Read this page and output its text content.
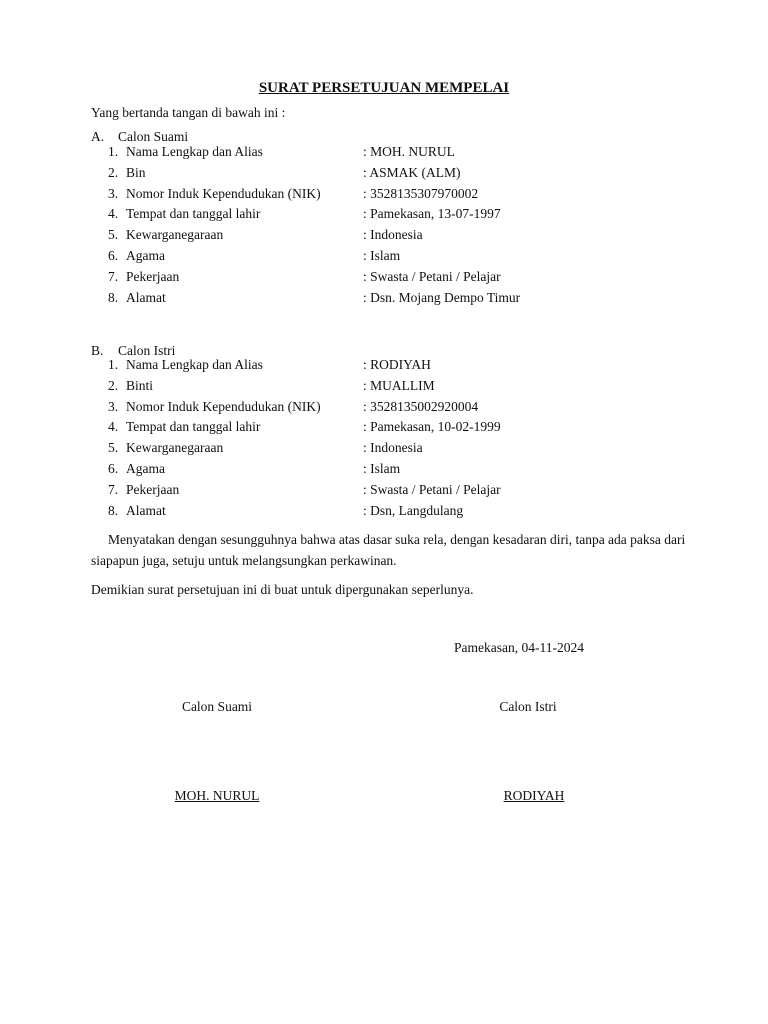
SURAT PERSETUJUAN MEMPELAI
Yang bertanda tangan di bawah ini :
A. Calon Suami
1. Nama Lengkap dan Alias	: MOH. NURUL
2. Bin	: ASMAK (ALM)
3. Nomor Induk Kependudukan (NIK)	: 3528135307970002
4. Tempat dan tanggal lahir	: Pamekasan, 13-07-1997
5. Kewarganegaraan	: Indonesia
6. Agama	: Islam
7. Pekerjaan	: Swasta / Petani / Pelajar
8. Alamat	: Dsn. Mojang Dempo Timur
B. Calon Istri
1. Nama Lengkap dan Alias	: RODIYAH
2. Binti	: MUALLIM
3. Nomor Induk Kependudukan (NIK)	: 3528135002920004
4. Tempat dan tanggal lahir	: Pamekasan, 10-02-1999
5. Kewarganegaraan	: Indonesia
6. Agama	: Islam
7. Pekerjaan	: Swasta / Petani / Pelajar
8. Alamat	: Dsn, Langdulang
Menyatakan dengan sesungguhnya bahwa atas dasar suka rela, dengan kesadaran diri, tanpa ada paksa dari siapapun juga, setuju untuk melangsungkan perkawinan.
Demikian surat persetujuan ini di buat untuk dipergunakan seperlunya.
Pamekasan, 04-11-2024
Calon Suami	Calon Istri
MOH. NURUL	RODIYAH
